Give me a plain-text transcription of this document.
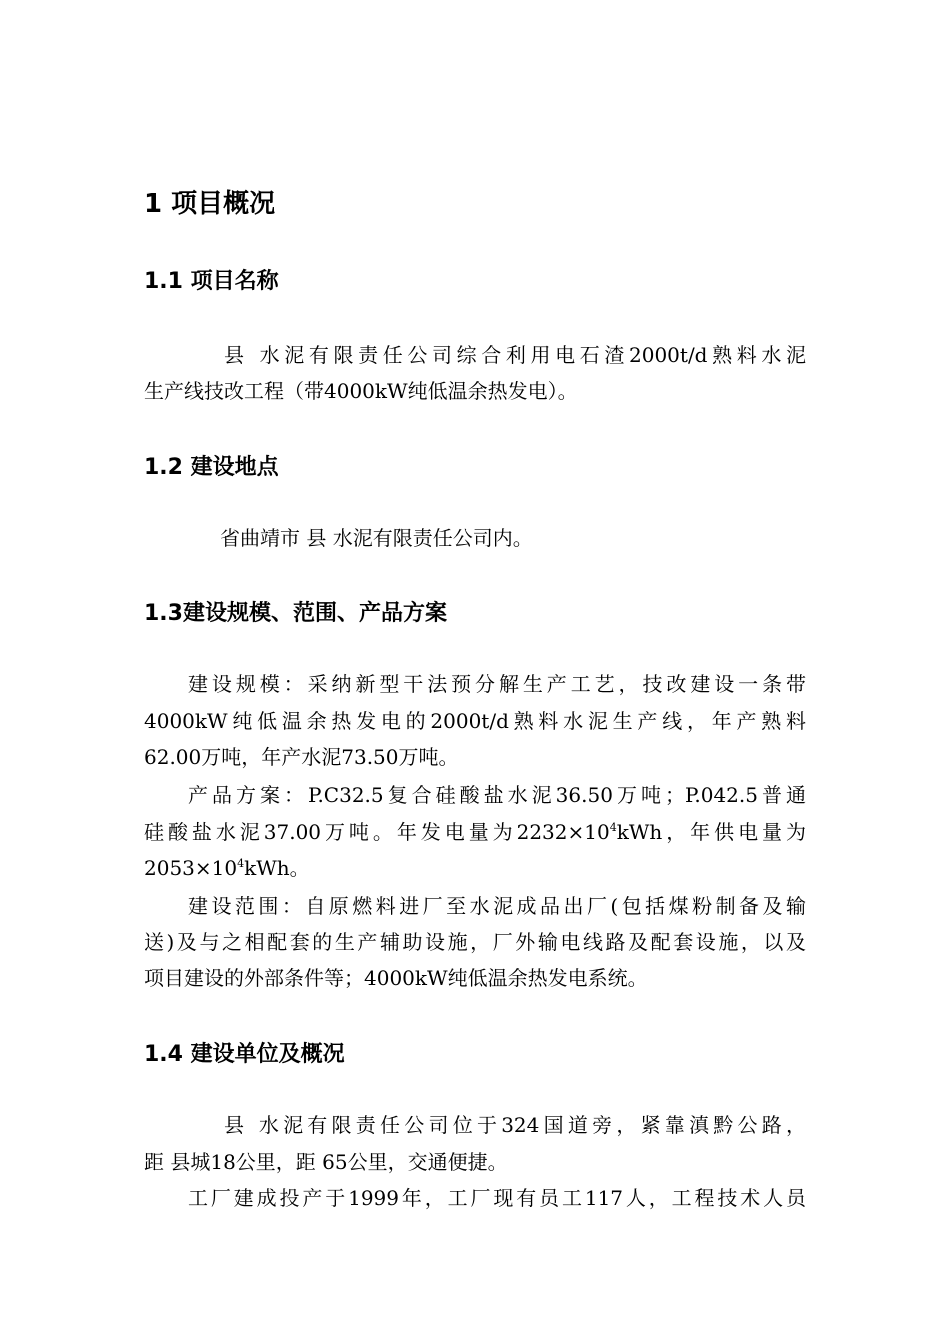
1 项目概况
1.1 项目名称
县 水泥有限责任公司综合利用电石渣2000t/d熟料水泥
生产线技改工程（带4000kW纯低温余热发电）。
1.2 建设地点
省曲靖市 县 水泥有限责任公司内。
1.3建设规模、范围、产品方案
建设规模：采纳新型干法预分解生产工艺，技改建设一条带
4000kW纯低温余热发电的2000t/d熟料水泥生产线，年产熟料
62.00万吨，年产水泥73.50万吨。
产品方案：P.C32.5复合硅酸盐水泥36.50万吨；P.042.5普通
硅酸盐水泥37.00万吨。年发电量为$2232\times 10^4kWh$，年供电量为
$2053\times 10^4kWh$。
建设范围：自原燃料进厂至水泥成品出厂(包括煤粉制备及输
送)及与之相配套的生产辅助设施，厂外输电线路及配套设施，以及
项目建设的外部条件等；4000kW纯低温余热发电系统。
1.4 建设单位及概况
县 水泥有限责任公司位于324国道旁，紧靠滇黔公路，
距 县城18公里，距 65公里，交通便捷。
工厂建成投产于1999年，工厂现有员工117人，工程技术人员
